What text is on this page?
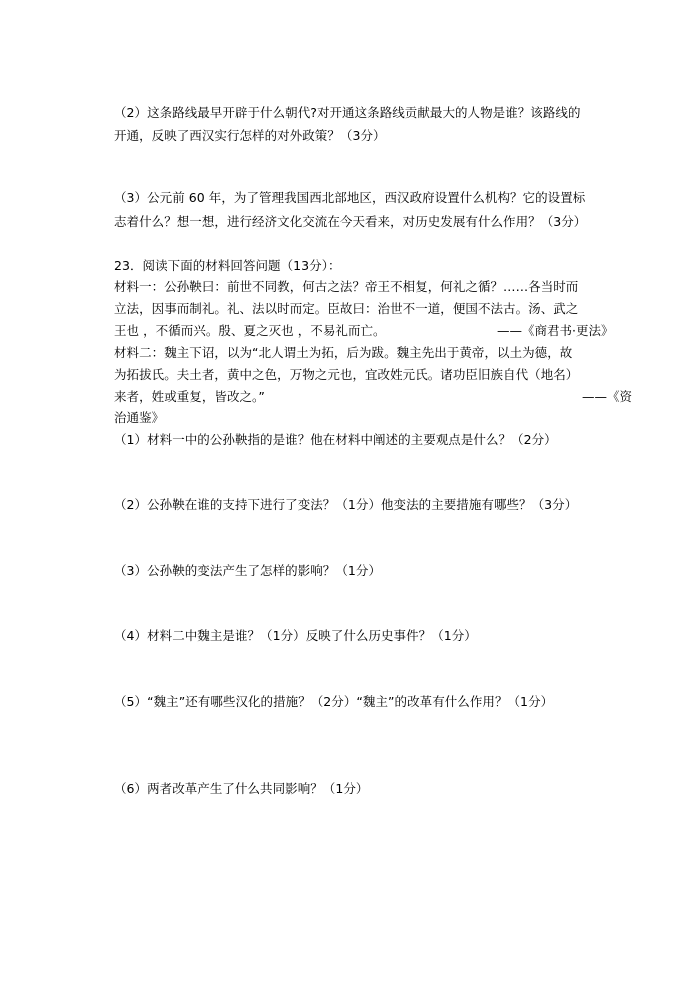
（2）这条路线最早开辟于什么朝代?对开通这条路线贡献最大的人物是谁？该路线的
开通，反映了西汉实行怎样的对外政策？（3分）
（3）公元前 60 年，为了管理我国西北部地区，西汉政府设置什么机构？它的设置标
志着什么？想一想，进行经济文化交流在今天看来，对历史发展有什么作用？（3分）
23．阅读下面的材料回答问题（13分）：
材料一：公孙鞅曰：前世不同教，何古之法？帝王不相复，何礼之循？……各当时而
立法，因事而制礼。礼、法以时而定。臣故曰：治世不一道，便国不法古。汤、武之
王也 ，不循而兴。殷、夏之灭也 ，不易礼而亡。	——《商君书·更法》
材料二：魏主下诏，以为“北人谓土为拓，后为跋。魏主先出于黄帝，以土为德，故
为拓拔氏。夫土者，黄中之色，万物之元也，宜改姓元氏。诸功臣旧族自代（地名）
来者，姓或重复，皆改之。”	——《资
治通鉴》
（1）材料一中的公孙鞅指的是谁？他在材料中阐述的主要观点是什么？（2分）
（2）公孙鞅在谁的支持下进行了变法？（1分）他变法的主要措施有哪些？（3分）
（3）公孙鞅的变法产生了怎样的影响？（1分）
（4）材料二中魏主是谁？（1分）反映了什么历史事件？（1分）
（5）“魏主”还有哪些汉化的措施？（2分）“魏主”的改革有什么作用？（1分）
（6）两者改革产生了什么共同影响？（1分）
